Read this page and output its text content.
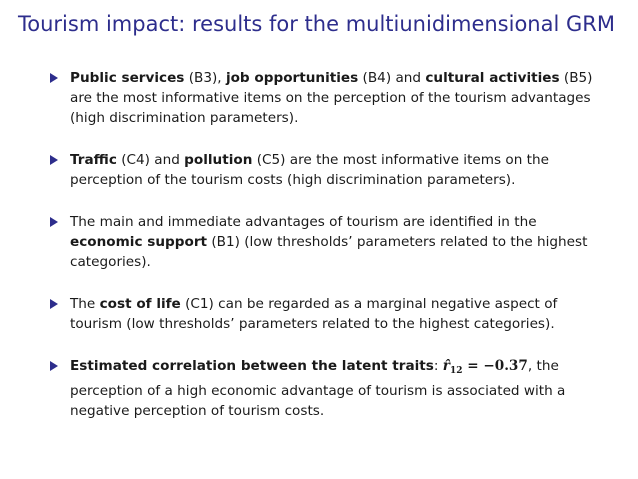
Tourism impact: results for the multiunidimensional GRM
Public services (B3), job opportunities (B4) and cultural activities (B5) are the most informative items on the perception of the tourism advantages (high discrimination parameters).
Traffic (C4) and pollution (C5) are the most informative items on the perception of the tourism costs (high discrimination parameters).
The main and immediate advantages of tourism are identified in the economic support (B1) (low thresholds’ parameters related to the highest categories).
The cost of life (C1) can be regarded as a marginal negative aspect of tourism (low thresholds’ parameters related to the highest categories).
Estimated correlation between the latent traits: $r̂_{12} = -0.37$, the perception of a high economic advantage of tourism is associated with a negative perception of tourism costs.
